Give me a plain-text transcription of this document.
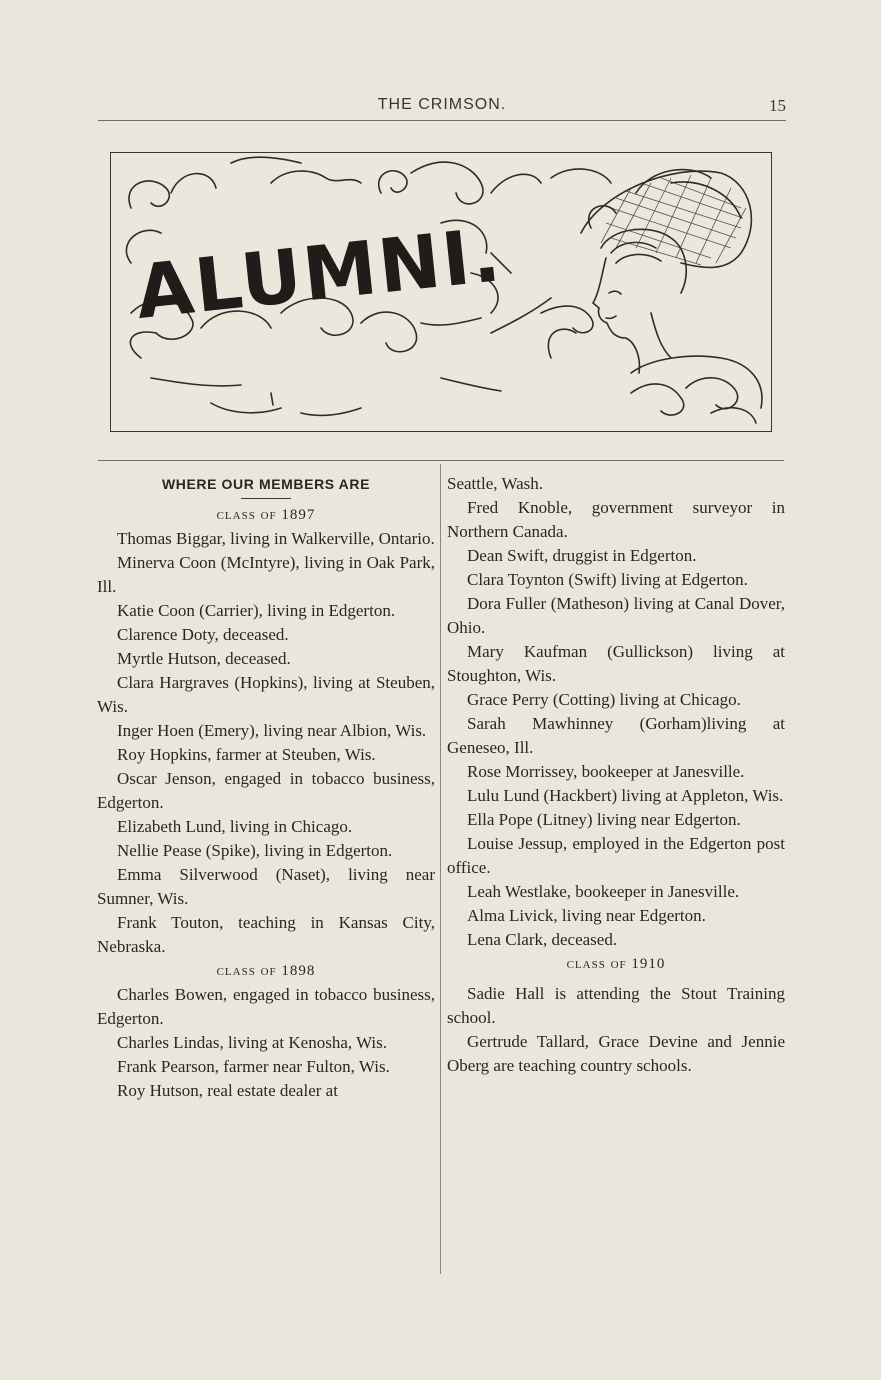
THE CRIMSON.	15
ALUMNI.
WHERE OUR MEMBERS ARE
class of 1897

Thomas Biggar, living in Walkerville, Ontario.

Minerva Coon (McIntyre), living in Oak Park, Ill.

Katie Coon (Carrier), living in Edgerton.

Clarence Doty, deceased.

Myrtle Hutson, deceased.

Clara Hargraves (Hopkins), living at Steuben, Wis.

Inger Hoen (Emery), living near Albion, Wis.

Roy Hopkins, farmer at Steuben, Wis.

Oscar Jenson, engaged in tobacco business, Edgerton.

Elizabeth Lund, living in Chicago.

Nellie Pease (Spike), living in Edgerton.

Emma Silverwood (Naset), living near Sumner, Wis.

Frank Touton, teaching in Kansas City, Nebraska.

class of 1898

Charles Bowen, engaged in tobacco business, Edgerton.

Charles Lindas, living at Kenosha, Wis.

Frank Pearson, farmer near Fulton, Wis.

Roy Hutson, real estate dealer at

Seattle, Wash.

Fred Knoble, government surveyor in Northern Canada.

Dean Swift, druggist in Edgerton.

Clara Toynton (Swift) living at Edgerton.

Dora Fuller (Matheson) living at Canal Dover, Ohio.

Mary Kaufman (Gullickson) living at Stoughton, Wis.

Grace Perry (Cotting) living at Chicago.

Sarah Mawhinney (Gorham)living at Geneseo, Ill.

Rose Morrissey, bookeeper at Janesville.

Lulu Lund (Hackbert) living at Appleton, Wis.

Ella Pope (Litney) living near Edgerton.

Louise Jessup, employed in the Edgerton post office.

Leah Westlake, bookeeper in Janesville.

Alma Livick, living near Edgerton.

Lena Clark, deceased.

class of 1910

Sadie Hall is attending the Stout Training school.

Gertrude Tallard, Grace Devine and Jennie Oberg are teaching country schools.
